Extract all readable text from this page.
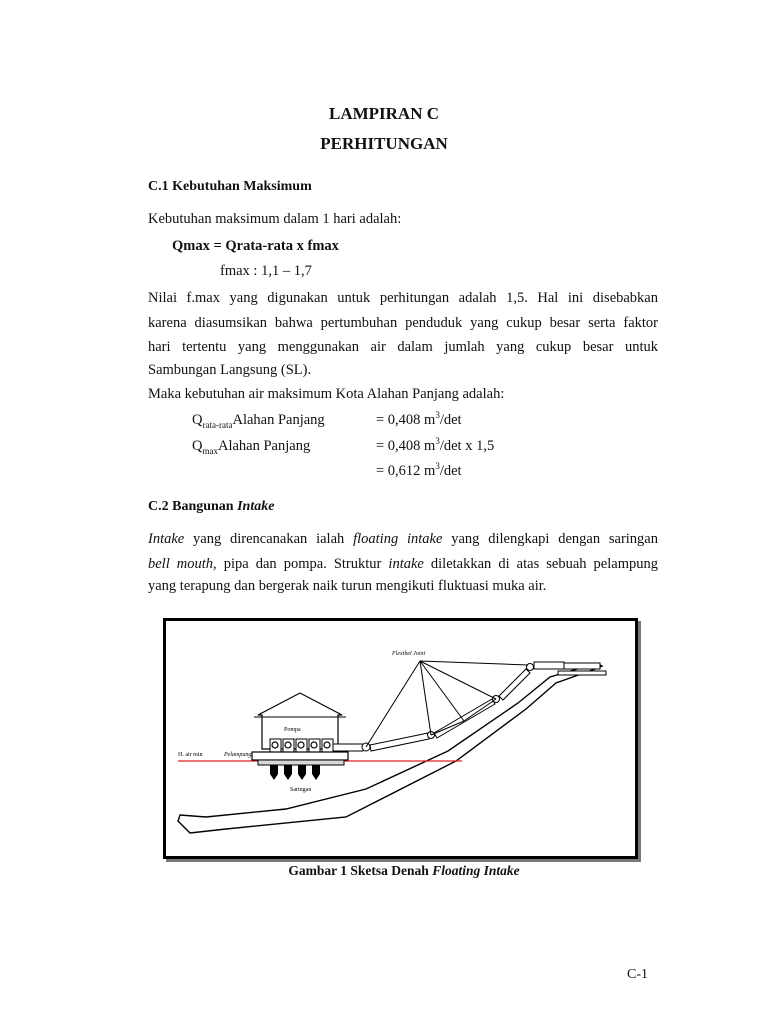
LAMPIRAN C
PERHITUNGAN
C.1 Kebutuhan Maksimum
Kebutuhan maksimum dalam 1 hari adalah:
Qmax = Qrata-rata x fmax
fmax : 1,1 – 1,7
Nilai f.max yang digunakan untuk perhitungan adalah 1,5. Hal ini disebabkan
karena diasumsikan bahwa pertumbuhan penduduk yang cukup besar serta faktor
hari tertentu yang menggunakan air dalam jumlah yang cukup besar untuk
Sambungan Langsung (SL).
Maka kebutuhan air maksimum Kota Alahan Panjang adalah:
$Q_{rata-rata}Alahan$ Panjang	= 0,408 $m^3/\det$
$Q_{max}Alahan$ Panjang	= 0,408 $m^3/\det$ x 1,5
= 0,612 $m^3/\det$
C.2 Bangunan Intake
Intake yang direncanakan ialah floating intake yang dilengkapi dengan saringan
bell mouth, pipa dan pompa. Struktur intake diletakkan di atas sebuah pelampung
yang terapung dan bergerak naik turun mengikuti fluktuasi muka air.
Flexibel Joint
Pompa
H. air min	Pelampung
Saringan
Gambar 1 Sketsa Denah Floating Intake
C-1
